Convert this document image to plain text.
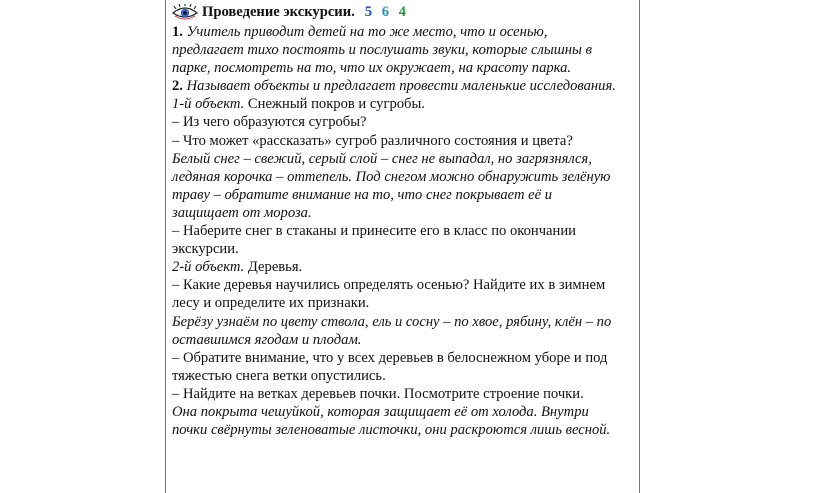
Проведение экскурсии. 5 6 4

1. Учитель приводит детей на то же место, что и осенью, предлагает тихо постоять и послушать звуки, которые слышны в парке, посмотреть на то, что их окружает, на красоту парка.

2. Называет объекты и предлагает провести маленькие исследования.

1-й объект. Снежный покров и сугробы.

– Из чего образуются сугробы?

– Что может «рассказать» сугроб различного состояния и цвета?

Белый снег – свежий, серый слой – снег не выпадал, но загрязнялся, ледяная корочка – оттепель. Под снегом можно обнаружить зелёную траву – обратите внимание на то, что снег покрывает её и защищает от мороза.

– Наберите снег в стаканы и принесите его в класс по окончании экскурсии.

2-й объект. Деревья.

– Какие деревья научились определять осенью? Найдите их в зимнем лесу и определите их признаки.

Берёзу узнаём по цвету ствола, ель и сосну – по хвое, рябину, клён – по оставшимся ягодам и плодам.

– Обратите внимание, что у всех деревьев в белоснежном уборе и под тяжестью снега ветки опустились.

– Найдите на ветках деревьев почки. Посмотрите строение почки.

Она покрыта чешуйкой, которая защищает её от холода. Внутри почки свёрнуты зеленоватые листочки, они раскроются лишь весной.
